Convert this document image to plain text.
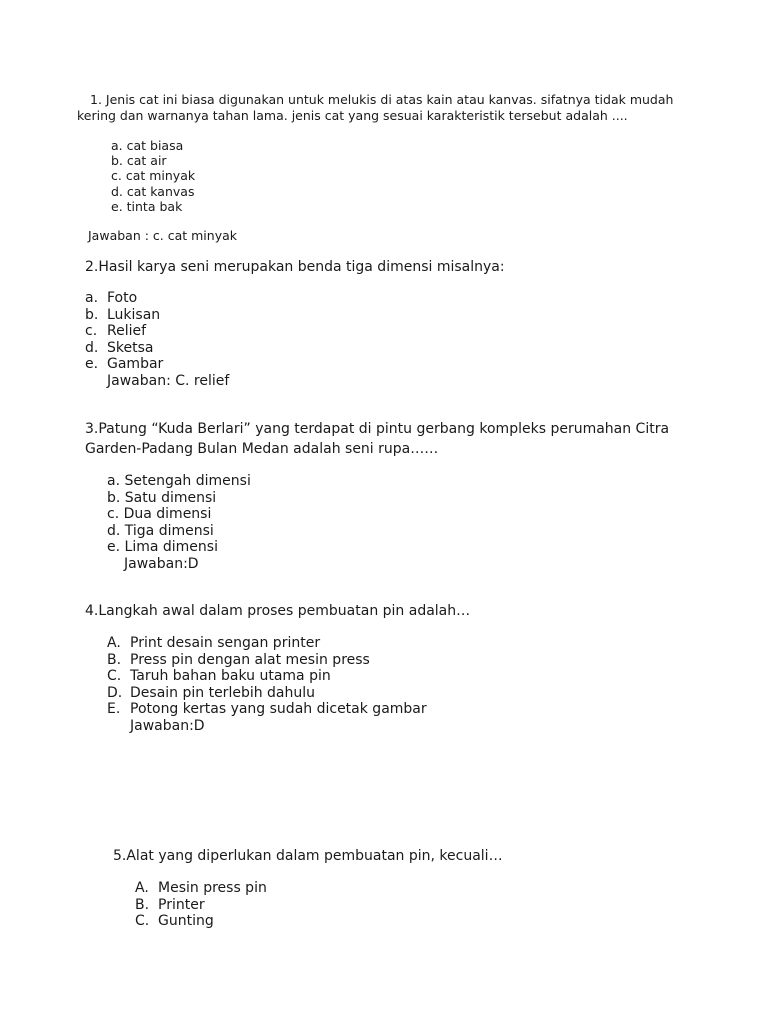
1. Jenis cat ini biasa digunakan untuk melukis di atas kain atau kanvas. sifatnya tidak mudah
kering dan warnanya tahan lama. jenis cat yang sesuai karakteristik tersebut adalah ....
a. cat biasa
b. cat air
c. cat minyak
d. cat kanvas
e. tinta bak
Jawaban : c. cat minyak
2.Hasil karya seni merupakan benda tiga dimensi misalnya:
a. Foto
b. Lukisan
c. Relief
d. Sketsa
e. Gambar
Jawaban: C. relief
3.Patung “Kuda Berlari” yang terdapat di pintu gerbang kompleks perumahan Citra
Garden-Padang Bulan Medan adalah seni rupa……
a. Setengah dimensi
b. Satu dimensi
c. Dua dimensi
d. Tiga dimensi
e. Lima dimensi
Jawaban:D
4.Langkah awal dalam proses pembuatan pin adalah…
A. Print desain sengan printer
B. Press pin dengan alat mesin press
C. Taruh bahan baku utama pin
D. Desain pin terlebih dahulu
E. Potong kertas yang sudah dicetak gambar
Jawaban:D
5.Alat yang diperlukan dalam pembuatan pin, kecuali…
A. Mesin press pin
B. Printer
C. Gunting
